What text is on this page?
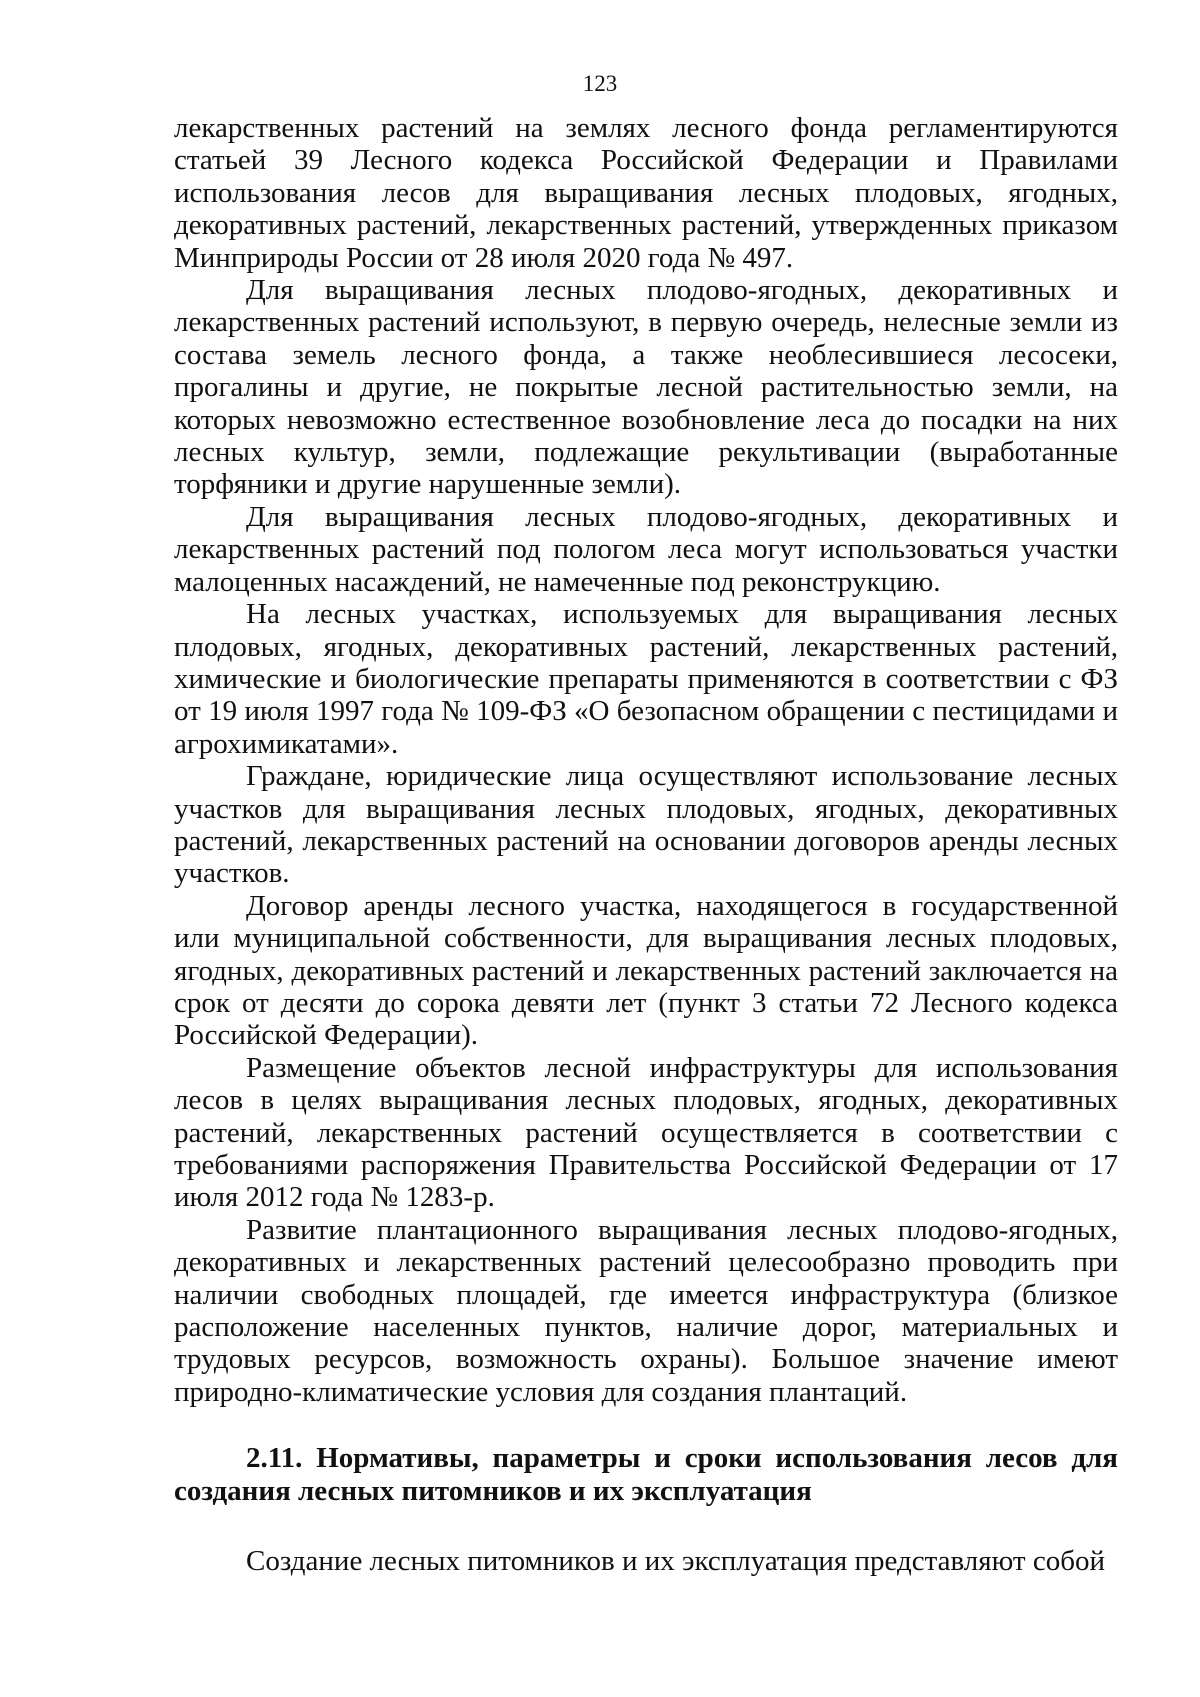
123

лекарственных растений на землях лесного фонда регламентируются статьей 39 Лесного кодекса Российской Федерации и Правилами использования лесов для выращивания лесных плодовых, ягодных, декоративных растений, лекарственных растений, утвержденных приказом Минприроды России от 28 июля 2020 года № 497.

Для выращивания лесных плодово-ягодных, декоративных и лекарственных растений используют, в первую очередь, нелесные земли из состава земель лесного фонда, а также необлесившиеся лесосеки, прогалины и другие, не покрытые лесной растительностью земли, на которых невозможно естественное возобновление леса до посадки на них лесных культур, земли, подлежащие рекультивации (выработанные торфяники и другие нарушенные земли).

Для выращивания лесных плодово-ягодных, декоративных и лекарственных растений под пологом леса могут использоваться участки малоценных насаждений, не намеченные под реконструкцию.

На лесных участках, используемых для выращивания лесных плодовых, ягодных, декоративных растений, лекарственных растений, химические и биологические препараты применяются в соответствии с ФЗ от 19 июля 1997 года № 109-ФЗ «О безопасном обращении с пестицидами и агрохимикатами».

Граждане, юридические лица осуществляют использование лесных участков для выращивания лесных плодовых, ягодных, декоративных растений, лекарственных растений на основании договоров аренды лесных участков.

Договор аренды лесного участка, находящегося в государственной или муниципальной собственности, для выращивания лесных плодовых, ягодных, декоративных растений и лекарственных растений заключается на срок от десяти до сорока девяти лет (пункт 3 статьи 72 Лесного кодекса Российской Федерации).

Размещение объектов лесной инфраструктуры для использования лесов в целях выращивания лесных плодовых, ягодных, декоративных растений, лекарственных растений осуществляется в соответствии с требованиями распоряжения Правительства Российской Федерации от 17 июля 2012 года № 1283-р.

Развитие плантационного выращивания лесных плодово-ягодных, декоративных и лекарственных растений целесообразно проводить при наличии свободных площадей, где имеется инфраструктура (близкое расположение населенных пунктов, наличие дорог, материальных и трудовых ресурсов, возможность охраны). Большое значение имеют природно-климатические условия для создания плантаций.

2.11. Нормативы, параметры и сроки использования лесов для создания лесных питомников и их эксплуатация

Создание лесных питомников и их эксплуатация представляют собой
